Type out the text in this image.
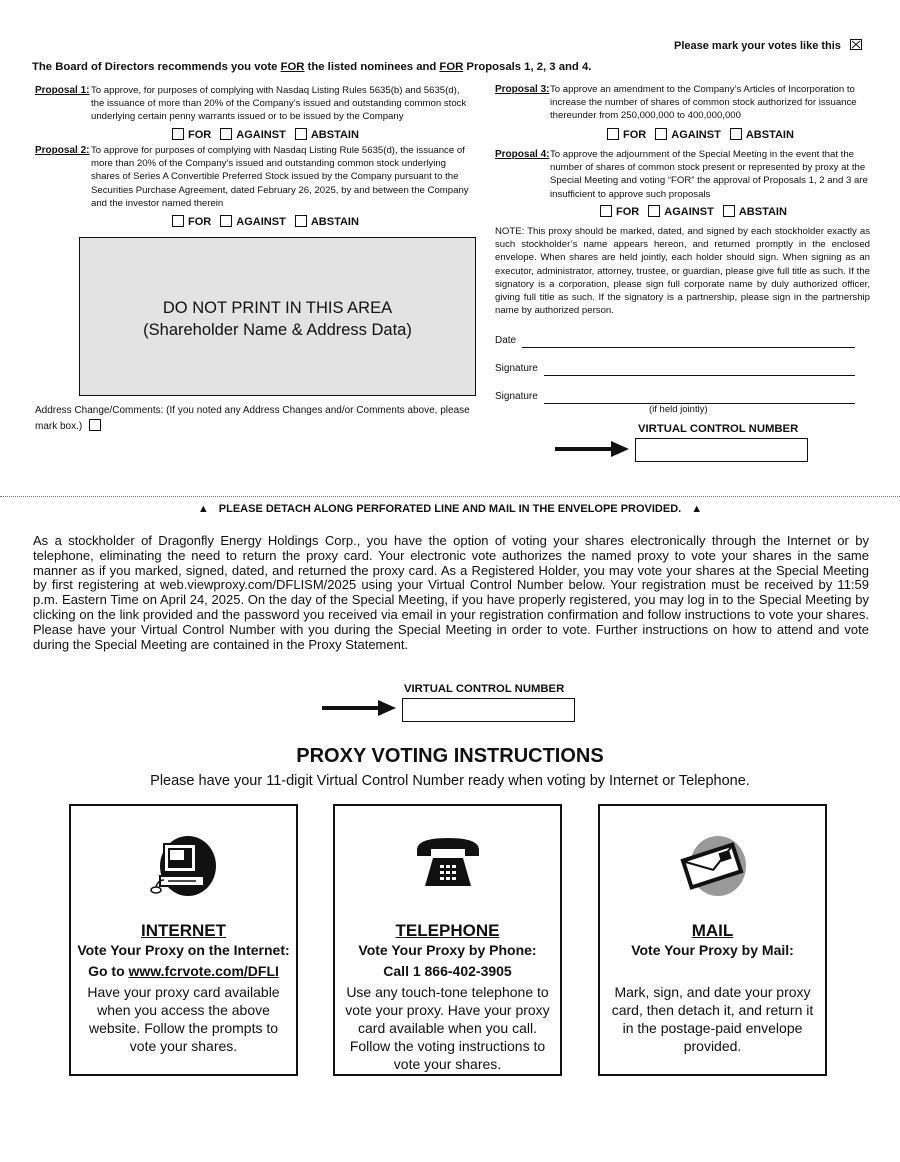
Please mark your votes like this
The Board of Directors recommends you vote FOR the listed nominees and FOR Proposals 1, 2, 3 and 4.
Proposal 1: To approve, for purposes of complying with Nasdaq Listing Rules 5635(b) and 5635(d), the issuance of more than 20% of the Company’s issued and outstanding common stock underlying certain penny warrants issued or to be issued by the Company
FOR AGAINST ABSTAIN
Proposal 2: To approve for purposes of complying with Nasdaq Listing Rule 5635(d), the issuance of more than 20% of the Company’s issued and outstanding common stock underlying shares of Series A Convertible Preferred Stock issued by the Company pursuant to the Securities Purchase Agreement, dated February 26, 2025, by and between the Company and the investor named therein
FOR AGAINST ABSTAIN
DO NOT PRINT IN THIS AREA
(Shareholder Name & Address Data)
Address Change/Comments: (If you noted any Address Changes and/or Comments above, please mark box.)
Proposal 3: To approve an amendment to the Company’s Articles of Incorporation to increase the number of shares of common stock authorized for issuance thereunder from 250,000,000 to 400,000,000
FOR AGAINST ABSTAIN
Proposal 4: To approve the adjournment of the Special Meeting in the event that the number of shares of common stock present or represented by proxy at the Special Meeting and voting “FOR” the approval of Proposals 1, 2 and 3 are insufficient to approve such proposals
FOR AGAINST ABSTAIN
NOTE: This proxy should be marked, dated, and signed by each stockholder exactly as such stockholder’s name appears hereon, and returned promptly in the enclosed envelope. When shares are held jointly, each holder should sign. When signing as an executor, administrator, attorney, trustee, or guardian, please give full title as such. If the signatory is a corporation, please sign full corporate name by duly authorized officer, giving full title as such. If the signatory is a partnership, please sign in the partnership name by authorized person.
Date
Signature
Signature
(if held jointly)
VIRTUAL CONTROL NUMBER
▲ PLEASE DETACH ALONG PERFORATED LINE AND MAIL IN THE ENVELOPE PROVIDED. ▲
As a stockholder of Dragonfly Energy Holdings Corp., you have the option of voting your shares electronically through the Internet or by telephone, eliminating the need to return the proxy card. Your electronic vote authorizes the named proxy to vote your shares in the same manner as if you marked, signed, dated, and returned the proxy card. As a Registered Holder, you may vote your shares at the Special Meeting by first registering at web.viewproxy.com/DFLISM/2025 using your Virtual Control Number below. Your registration must be received by 11:59 p.m. Eastern Time on April 24, 2025. On the day of the Special Meeting, if you have properly registered, you may log in to the Special Meeting by clicking on the link provided and the password you received via email in your registration confirmation and follow instructions to vote your shares. Please have your Virtual Control Number with you during the Special Meeting in order to vote. Further instructions on how to attend and vote during the Special Meeting are contained in the Proxy Statement.
VIRTUAL CONTROL NUMBER
PROXY VOTING INSTRUCTIONS
Please have your 11-digit Virtual Control Number ready when voting by Internet or Telephone.
INTERNET
Vote Your Proxy on the Internet:
Go to www.fcrvote.com/DFLI
Have your proxy card available when you access the above website. Follow the prompts to vote your shares.
TELEPHONE
Vote Your Proxy by Phone:
Call 1 866-402-3905
Use any touch-tone telephone to vote your proxy. Have your proxy card available when you call. Follow the voting instructions to vote your shares.
MAIL
Vote Your Proxy by Mail:
Mark, sign, and date your proxy card, then detach it, and return it in the postage-paid envelope provided.
